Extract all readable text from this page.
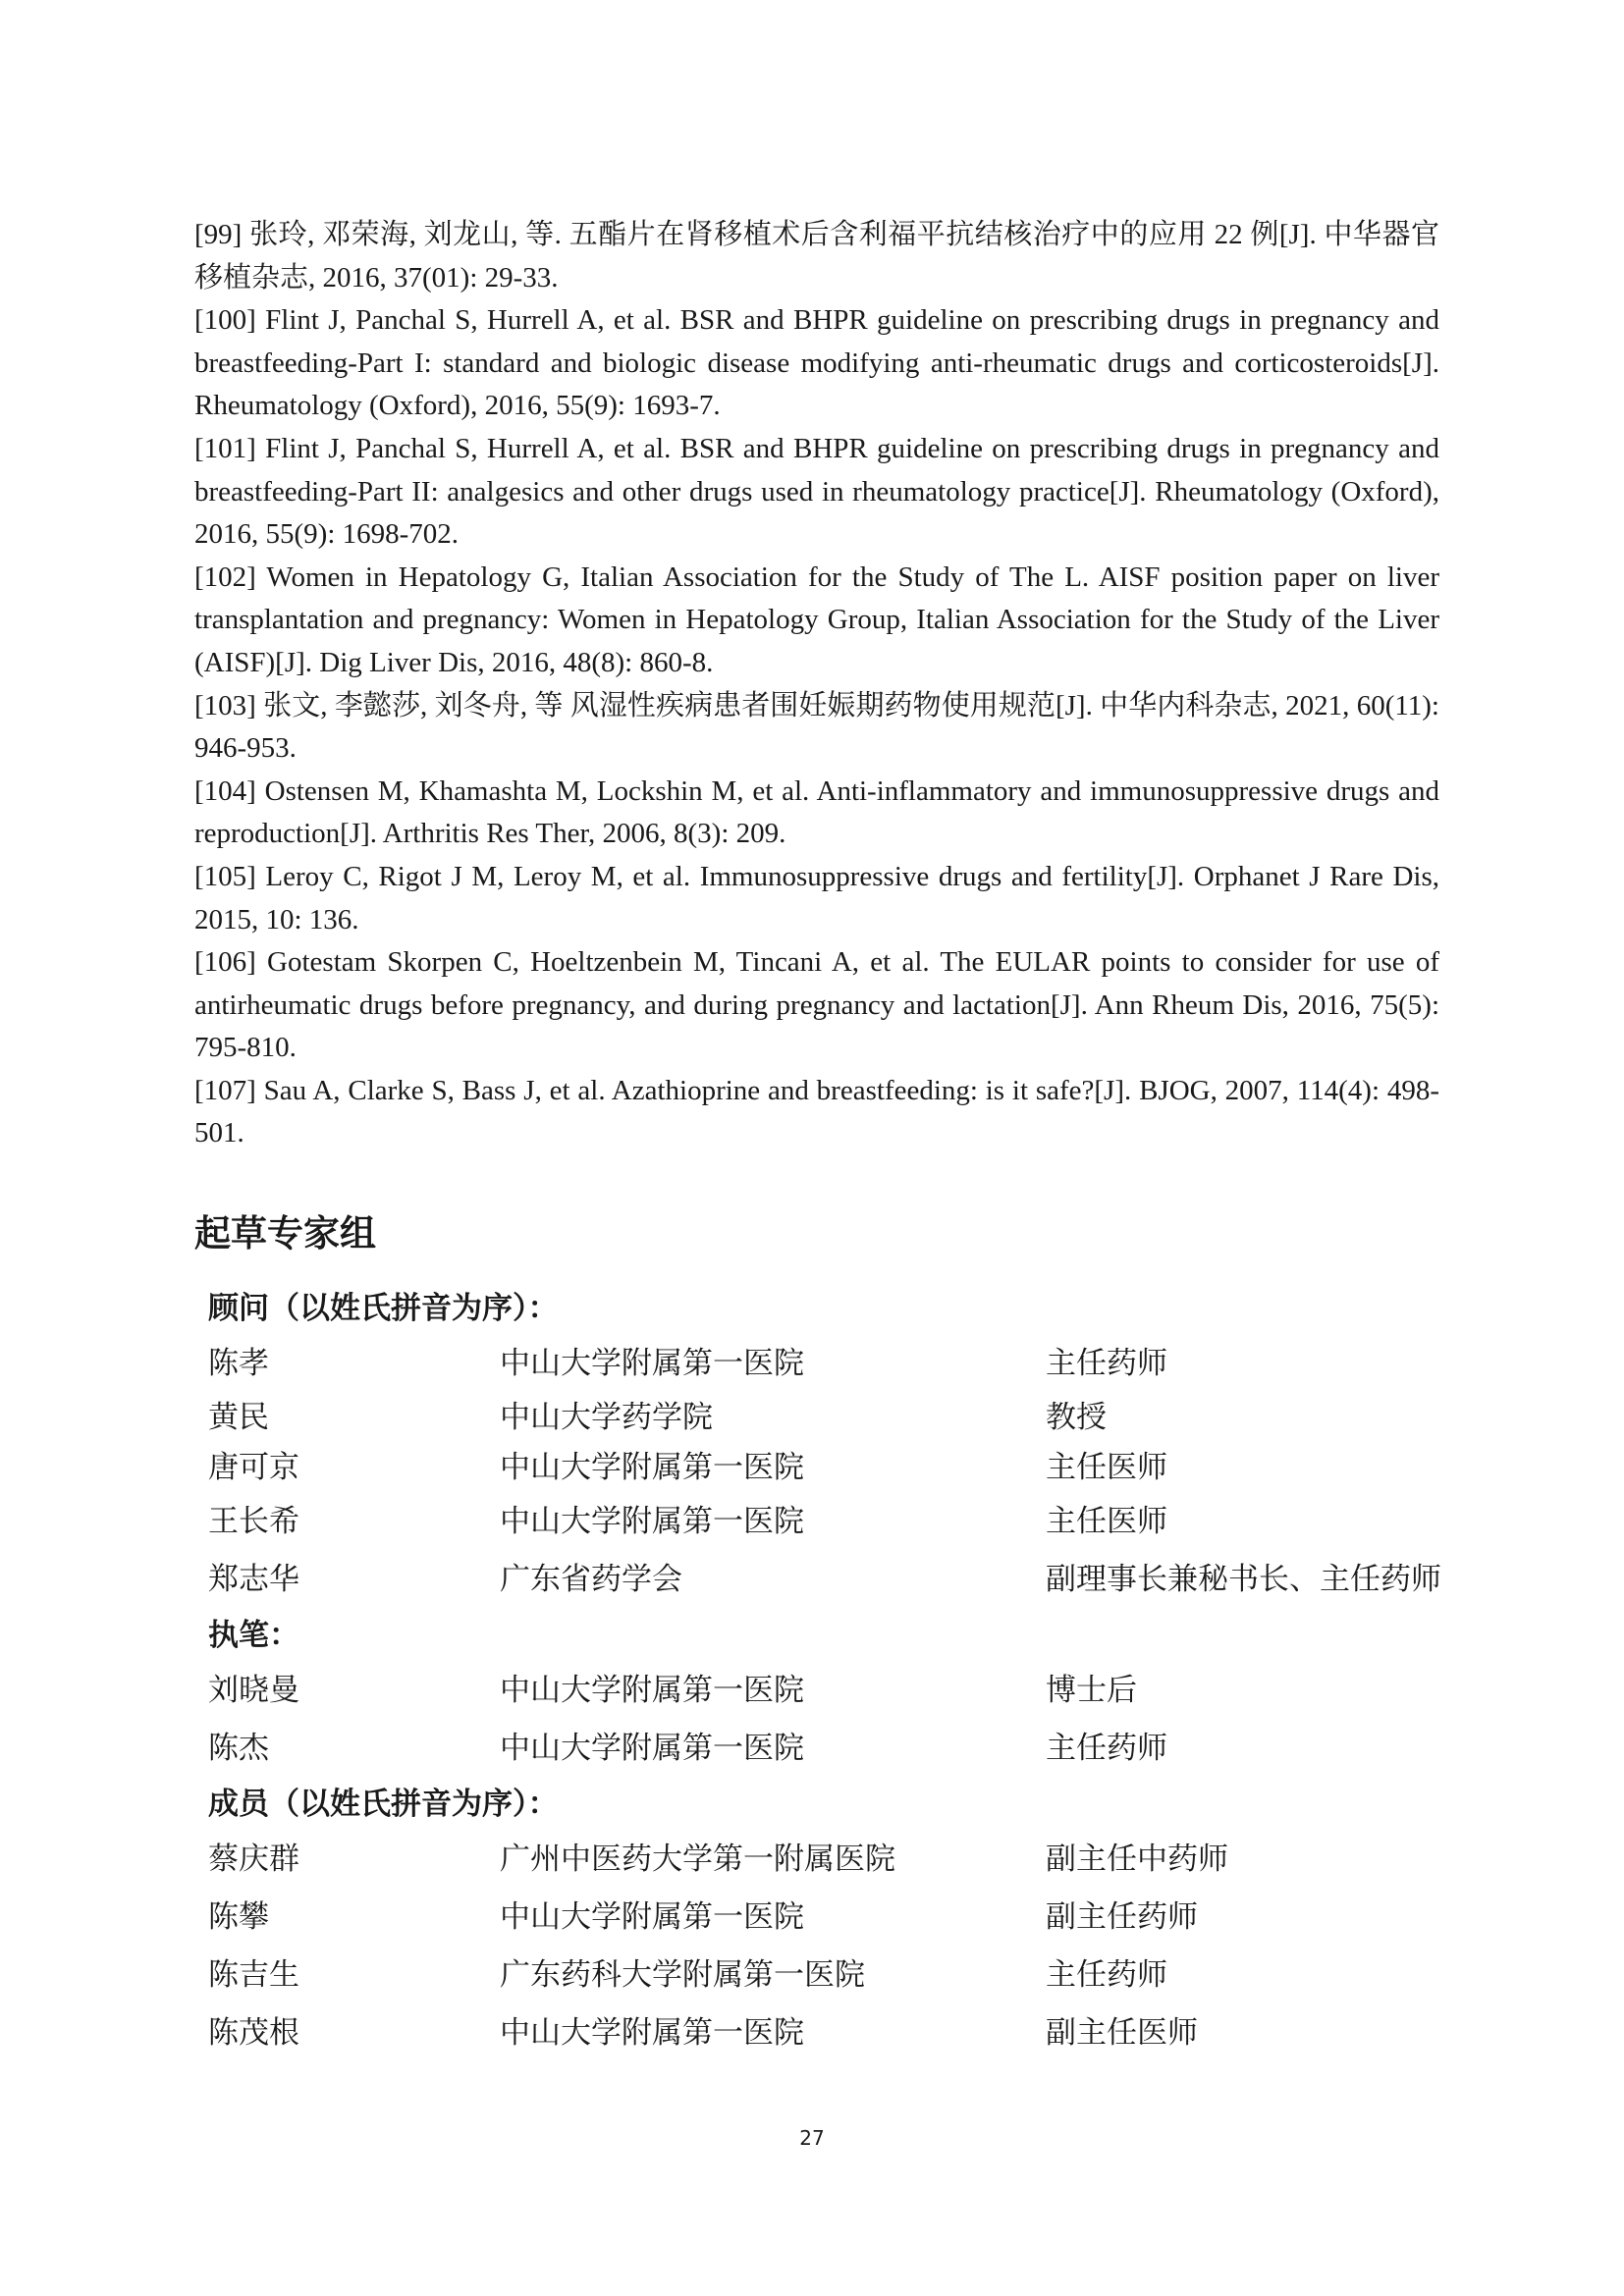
[99] 张玲, 邓荣海, 刘龙山, 等. 五酯片在肾移植术后含利福平抗结核治疗中的应用 22 例[J]. 中华器官移植杂志, 2016, 37(01): 29-33.

[100] Flint J, Panchal S, Hurrell A, et al. BSR and BHPR guideline on prescribing drugs in pregnancy and breastfeeding-Part I: standard and biologic disease modifying anti-rheumatic drugs and corticosteroids[J]. Rheumatology (Oxford), 2016, 55(9): 1693-7.

[101] Flint J, Panchal S, Hurrell A, et al. BSR and BHPR guideline on prescribing drugs in pregnancy and breastfeeding-Part II: analgesics and other drugs used in rheumatology practice[J]. Rheumatology (Oxford), 2016, 55(9): 1698-702.

[102] Women in Hepatology G, Italian Association for the Study of The L. AISF position paper on liver transplantation and pregnancy: Women in Hepatology Group, Italian Association for the Study of the Liver (AISF)[J]. Dig Liver Dis, 2016, 48(8): 860-8.

[103] 张文, 李懿莎, 刘冬舟, 等 风湿性疾病患者围妊娠期药物使用规范[J]. 中华内科杂志, 2021, 60(11): 946-953.

[104] Ostensen M, Khamashta M, Lockshin M, et al. Anti-inflammatory and immunosuppressive drugs and reproduction[J]. Arthritis Res Ther, 2006, 8(3): 209.

[105] Leroy C, Rigot J M, Leroy M, et al. Immunosuppressive drugs and fertility[J]. Orphanet J Rare Dis, 2015, 10: 136.

[106] Gotestam Skorpen C, Hoeltzenbein M, Tincani A, et al. The EULAR points to consider for use of antirheumatic drugs before pregnancy, and during pregnancy and lactation[J]. Ann Rheum Dis, 2016, 75(5): 795-810.

[107] Sau A, Clarke S, Bass J, et al. Azathioprine and breastfeeding: is it safe?[J]. BJOG, 2007, 114(4): 498-501.

起草专家组
顾问（以姓氏拼音为序）：
陈孝	中山大学附属第一医院	主任药师
黄民	中山大学药学院	教授
唐可京	中山大学附属第一医院	主任医师
王长希	中山大学附属第一医院	主任医师
郑志华	广东省药学会	副理事长兼秘书长、主任药师
执笔：
刘晓曼	中山大学附属第一医院	博士后
陈杰	中山大学附属第一医院	主任药师
成员（以姓氏拼音为序）：
蔡庆群	广州中医药大学第一附属医院	副主任中药师
陈攀	中山大学附属第一医院	副主任药师
陈吉生	广东药科大学附属第一医院	主任药师
陈茂根	中山大学附属第一医院	副主任医师
27
